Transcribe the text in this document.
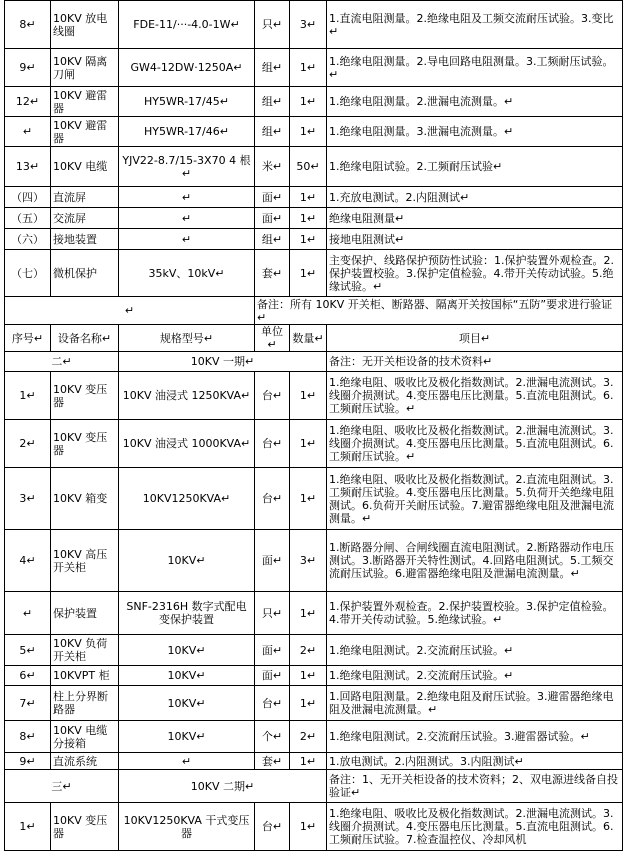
8↵	10KV 放电线圈	FDE-11/···-4.0-1W↵	只↵	3↵	1.直流电阻测量。2.绝缘电阻及工频交流耐压试验。3.变比↵
9↵	10KV 隔离刀闸	GW4-12DW·1250A↵	组↵	1↵	1.绝缘电阻测量。2.导电回路电阻测量。3.工频耐压试验。↵
12↵	10KV 避雷器	HY5WR-17/45↵	组↵	1↵	1.绝缘电阻测量。2.泄漏电流测量。↵
↵	10KV 避雷器	HY5WR-17/46↵	组↵	1↵	1.绝缘电阻测量。3.泄漏电流测量。↵
13↵	10KV 电缆	YJV22-8.7/15-3X70 4 根↵	米↵	50↵	1.绝缘电阻试验。2.工频耐压试验↵
（四）	直流屏	↵	面↵	1↵	1.充放电测试。2.内阻测试↵
（五）	交流屏	↵	面↵	1↵	绝缘电阻测量↵
（六）	接地装置	↵	组↵	1↵	接地电阻测试↵
（七）	微机保护	35kV、10kV↵	套↵	1↵	主变保护、线路保护预防性试验：1.保护装置外观检查。2.保护装置校验。3.保护定值检验。4.带开关传动试验。5.绝缘试验。↵
↵			备注：所有 10KV 开关柜、断路器、隔离开关按国标“五防”要求进行验证↵		
序号↵	设备名称↵	规格型号↵	单位↵	数量↵	项目↵
二↵		10KV 一期↵			备注：无开关柜设备的技术资料↵
1↵	10KV 变压器	10KV 油浸式 1250KVA↵	台↵	1↵	1.绝缘电阻、吸收比及极化指数测试。2.泄漏电流测试。3.线圈介损测试。4.变压器电压比测量。5.直流电阻测试。6.工频耐压试验。↵
2↵	10KV 变压器	10KV 油浸式 1000KVA↵	台↵	1↵	1.绝缘电阻、吸收比及极化指数测试。2.泄漏电流测试。3.线圈介损测试。4.变压器电压比测量。5.直流电阻测试。6.工频耐压试验。↵
3↵	10KV 箱变	10KV1250KVA↵	台↵	1↵	1.绝缘电阻、吸收比及极化指数测试。2.直流电阻测试。3.工频耐压试验。4.变压器电压比测量。5.负荷开关绝缘电阻测试。6.负荷开关耐压试验。7.避雷器绝缘电阻及泄漏电流测量。↵
4↵	10KV 高压开关柜	10KV↵	面↵	3↵	1.断路器分闸、合闸线圈直流电阻测试。2.断路器动作电压测试。3.断路器开关特性测试。4.回路电阻测试。5.工频交流耐压试验。6.避雷器绝缘电阻及泄漏电流测量。↵
↵	保护装置	SNF-2316H 数字式配电变保护装置	只↵	1↵	1.保护装置外观检查。2.保护装置校验。3.保护定值检验。4.带开关传动试验。5.绝缘试验。↵
5↵	10KV 负荷开关柜	10KV↵	面↵	2↵	1.绝缘电阻测试。2.交流耐压试验。↵
6↵	10KVPT 柜	10KV↵	面↵	1↵	1.绝缘电阻测试。2.交流耐压试验。↵
7↵	柱上分界断路器	10KV↵	台↵	1↵	1.回路电阻测量。2.绝缘电阻及耐压试验。3.避雷器绝缘电阻及泄漏电流测量。↵
8↵	10KV 电缆分接箱	10KV↵	个↵	2↵	1.绝缘电阻测试。2.交流耐压试验。3.避雷器试验。↵
9↵	直流系统	↵	套↵	1↵	1.放电测试。2.内阻测试。3.内阻测试↵
三↵		10KV 二期↵			备注：1、无开关柜设备的技术资料；2、双电源进线备自投验证↵
1↵	10KV 变压器	10KV1250KVA 干式变压器	台↵	1↵	1.绝缘电阻、吸收比及极化指数测试。2.泄漏电流测试。3.线圈介损测试。4.变压器电压比测量。5.直流电阻测试。6.工频耐压试验。7.检查温控仪、冷却风机
